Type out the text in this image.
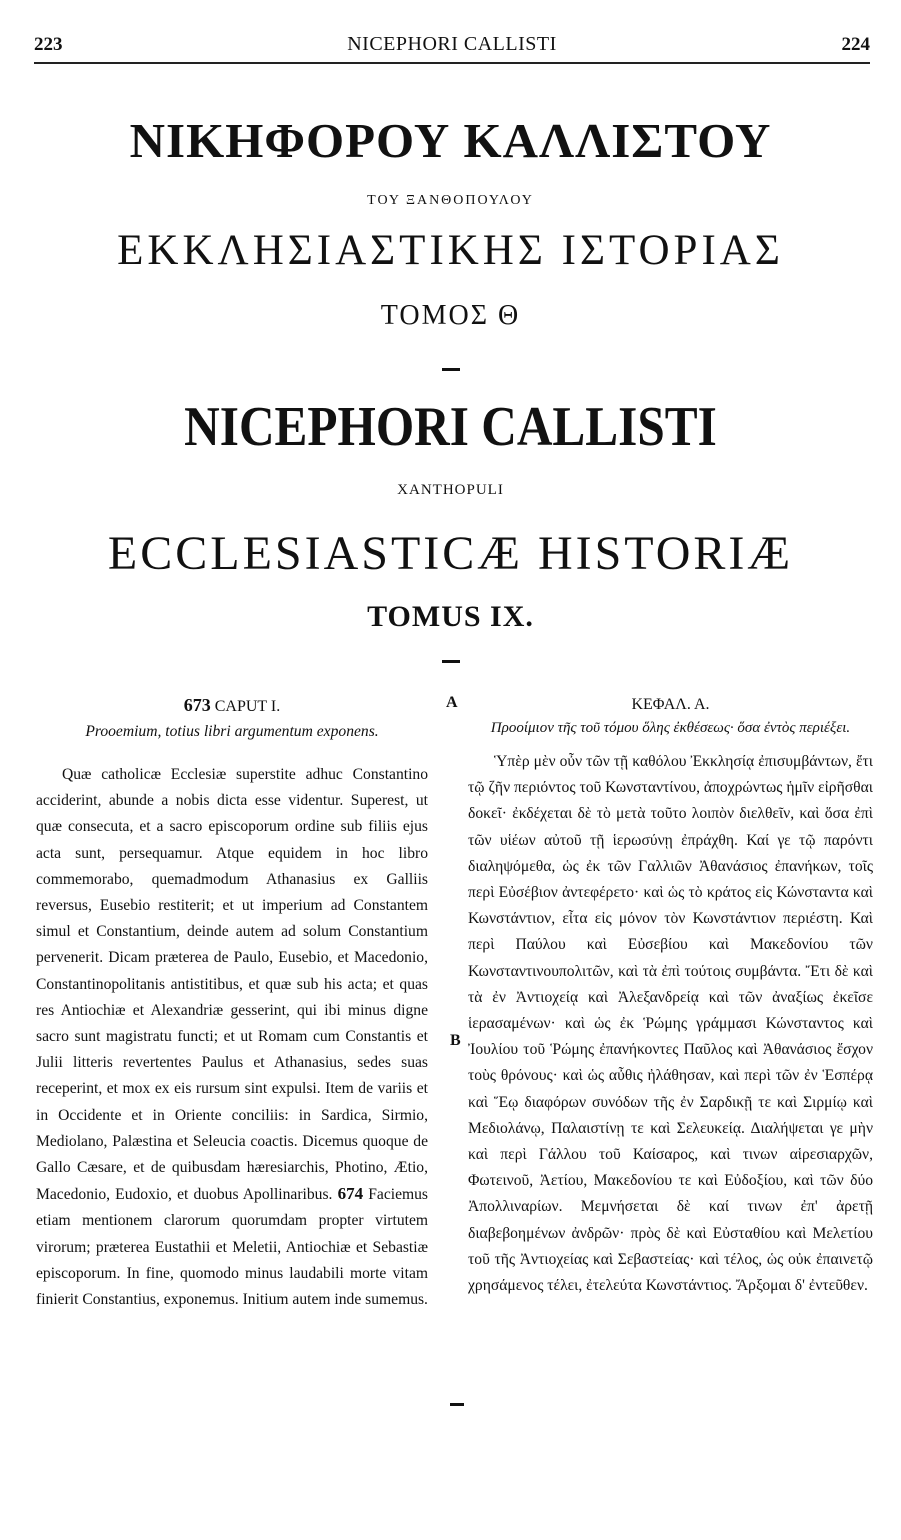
223	NICEPHORI CALLISTI	224
ΝΙΚΗΦΟΡΟΥ ΚΑΛΛΙΣΤΟΥ
ΤΟΥ ΞΑΝΘΟΠΟΥΛΟΥ
ΕΚΚΛΗΣΙΑΣΤΙΚΗΣ ΙΣΤΟΡΙΑΣ
ΤΟΜΟΣ Θ
NICEPHORI CALLISTI
XANTHOPULI
ECCLESIASTICÆ HISTORIÆ
TOMUS IX.
A
B
673 CAPUT I.
Prooemium, totius libri argumentum exponens.
Quæ catholicæ Ecclesiæ superstite adhuc Constantino acciderint, abunde a nobis dicta esse videntur. Superest, ut quæ consecuta, et a sacro episcoporum ordine sub filiis ejus acta sunt, persequamur. Atque equidem in hoc libro commemorabo, quemadmodum Athanasius ex Galliis reversus, Eusebio restiterit; et ut imperium ad Constantem simul et Constantium, deinde autem ad solum Constantium pervenerit. Dicam præterea de Paulo, Eusebio, et Macedonio, Constantinopolitanis antistitibus, et quæ sub his acta; et quas res Antiochiæ et Alexandriæ gesserint, qui ibi minus digne sacro sunt magistratu functi; et ut Romam cum Constantis et Julii litteris revertentes Paulus et Athanasius, sedes suas receperint, et mox ex eis rursum sint expulsi. Item de variis et in Occidente et in Oriente conciliis: in Sardica, Sirmio, Mediolano, Palæstina et Seleucia coactis. Dicemus quoque de Gallo Cæsare, et de quibusdam hæresiarchis, Photino, Ætio, Macedonio, Eudoxio, et duobus Apollinaribus. 674 Faciemus etiam mentionem clarorum quorumdam propter virtutem virorum; præterea Eustathii et Meletii, Antiochiæ et Sebastiæ episcoporum. In fine, quomodo minus laudabili morte vitam finierit Constantius, exponemus. Initium autem inde sumemus.
ΚΕΦΑΛ. Α.
Προοίμιον τῆς τοῦ τόμου ὅλης ἐκθέσεως· ὅσα ἐντὸς περιέξει.
Ὑπὲρ μὲν οὖν τῶν τῇ καθόλου Ἐκκλησίᾳ ἐπισυμβάντων, ἔτι τῷ ζῆν περιόντος τοῦ Κωνσταντίνου, ἀποχρώντως ἡμῖν εἰρῆσθαι δοκεῖ· ἐκδέχεται δὲ τὸ μετὰ τοῦτο λοιπὸν διελθεῖν, καὶ ὅσα ἐπὶ τῶν υἱέων αὐτοῦ τῇ ἱερωσύνῃ ἐπράχθη. Καί γε τῷ παρόντι διαληψόμεθα, ὡς ἐκ τῶν Γαλλιῶν Ἀθανάσιος ἐπανήκων, τοῖς περὶ Εὐσέβιον ἀντεφέρετο· καὶ ὡς τὸ κράτος εἰς Κώνσταντα καὶ Κωνστάντιον, εἶτα εἰς μόνον τὸν Κωνστάντιον περιέστη. Καὶ περὶ Παύλου καὶ Εὐσεβίου καὶ Μακεδονίου τῶν Κωνσταντινουπολιτῶν, καὶ τὰ ἐπὶ τούτοις συμβάντα. Ἔτι δὲ καὶ τὰ ἐν Ἀντιοχείᾳ καὶ Ἀλεξανδρείᾳ καὶ τῶν ἀναξίως ἐκεῖσε ἱερασαμένων· καὶ ὡς ἐκ Ῥώμης γράμμασι Κώνσταντος καὶ Ἰουλίου τοῦ Ῥώμης ἐπανήκοντες Παῦλος καὶ Ἀθανάσιος ἔσχον τοὺς θρόνους· καὶ ὡς αὖθις ἠλάθησαν, καὶ περὶ τῶν ἐν Ἑσπέρᾳ καὶ Ἕῳ διαφόρων συνόδων τῆς ἐν Σαρδικῇ τε καὶ Σιρμίῳ καὶ Μεδιολάνῳ, Παλαιστίνῃ τε καὶ Σελευκείᾳ. Διαλήψεται γε μὴν καὶ περὶ Γάλλου τοῦ Καίσαρος, καὶ τινων αἱρεσιαρχῶν, Φωτεινοῦ, Ἀετίου, Μακεδονίου τε καὶ Εὐδοξίου, καὶ τῶν δύο Ἀπολλιναρίων. Μεμνήσεται δὲ καί τινων ἐπ' ἀρετῇ διαβεβοημένων ἀνδρῶν· πρὸς δὲ καὶ Εὐσταθίου καὶ Μελετίου τοῦ τῆς Ἀντιοχείας καὶ Σεβαστείας· καὶ τέλος, ὡς οὐκ ἐπαινετῷ χρησάμενος τέλει, ἐτελεύτα Κωνστάντιος. Ἄρξομαι δ' ἐντεῦθεν.
